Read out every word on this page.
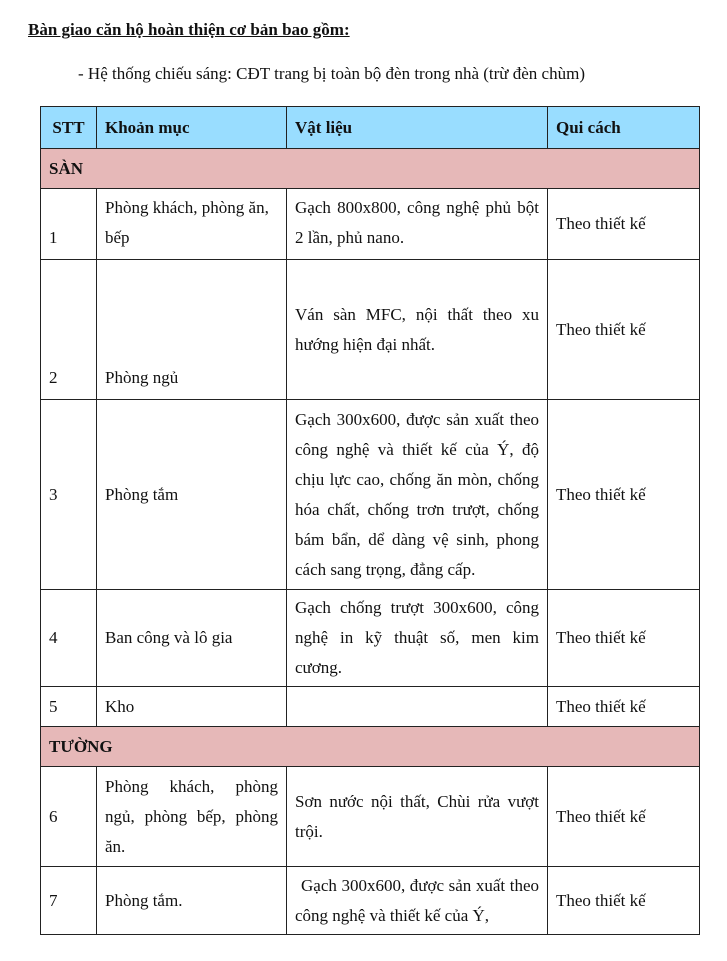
Bàn giao căn hộ hoàn thiện cơ bản bao gồm:
- Hệ thống chiếu sáng: CĐT trang bị toàn bộ đèn trong nhà (trừ đèn chùm)
STT	Khoản mục	Vật liệu	Qui cách
SÀN			
1	Phòng khách, phòng ăn, bếp	Gạch 800x800, công nghệ phủ bột 2 lần, phủ nano.	Theo thiết kế
2	Phòng ngủ	Ván sàn MFC, nội thất theo xu hướng hiện đại nhất.	Theo thiết kế
3	Phòng tắm	Gạch 300x600, được sản xuất theo công nghệ và thiết kế của Ý, độ chịu lực cao, chống ăn mòn, chống hóa chất, chống trơn trượt, chống bám bẩn, dể dàng vệ sinh, phong cách sang trọng, đẳng cấp.	Theo thiết kế
4	Ban công và lô gia	Gạch chống trượt 300x600, công nghệ in kỹ thuật số, men kim cương.	Theo thiết kế
5	Kho		Theo thiết kế
TƯỜNG			
6	Phòng khách, phòng ngủ, phòng bếp, phòng ăn.	Sơn nước nội thất, Chùi rửa vượt trội.	Theo thiết kế
7	Phòng tắm.	Gạch 300x600, được sản xuất theo công nghệ và thiết kế của Ý,	Theo thiết kế
